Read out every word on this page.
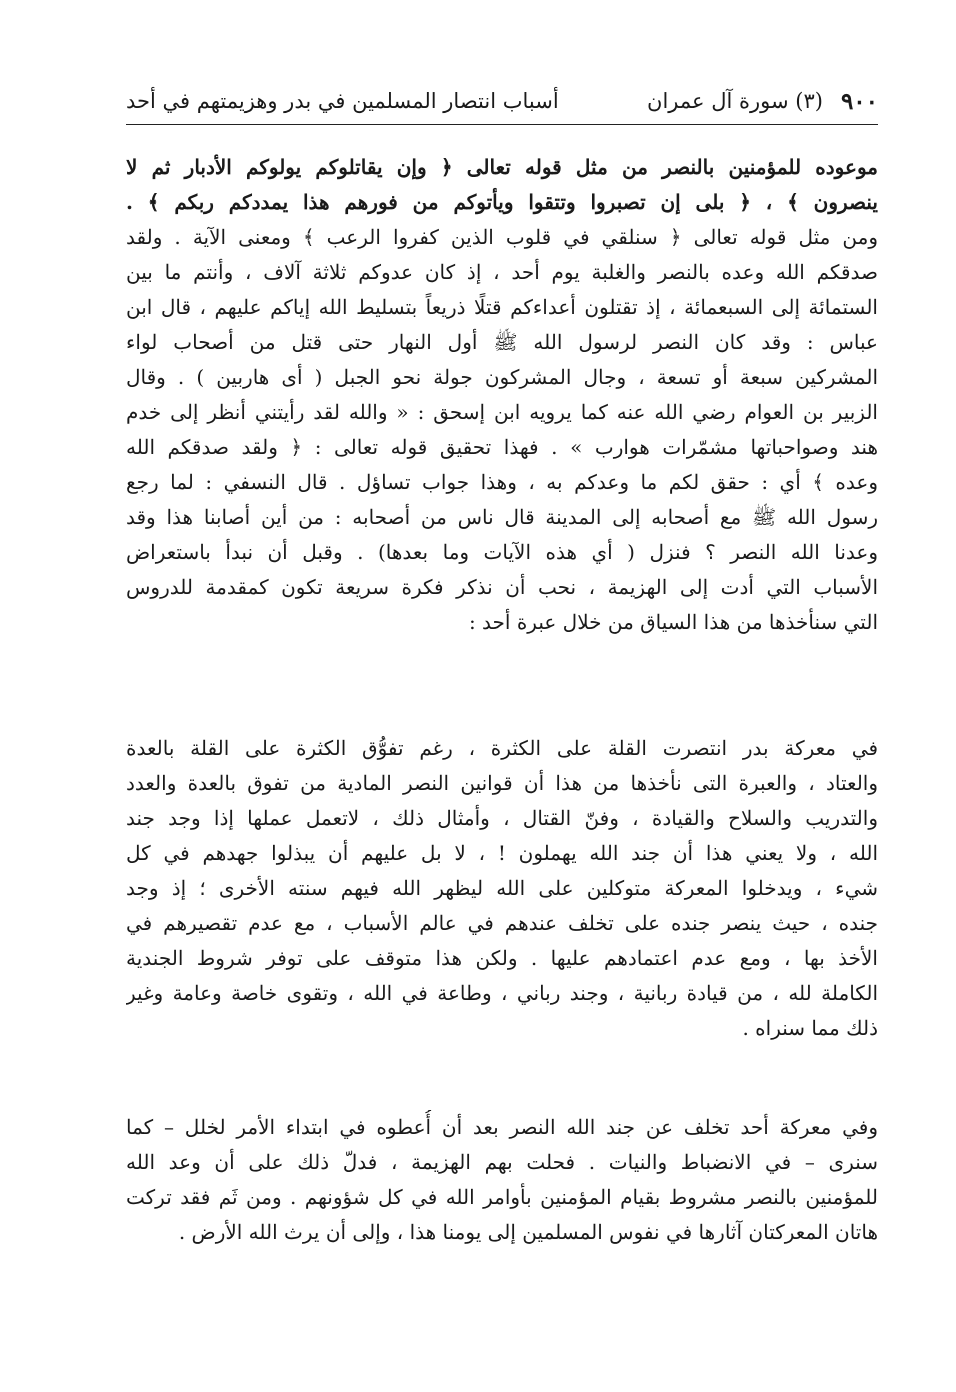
٩٠٠
(٣) سورة آل عمران
أسباب انتصار المسلمين في بدر وهزيمتهم في أحد
موعوده للمؤمنين بالنصر من مثل قوله تعالى ﴿ وإن يقاتلوكم يولوكم الأدبار ثم لا
ينصرون ﴾ ، ﴿ بلى إن تصبروا وتتقوا ويأتوكم من فورهم هذا يمددكم ربكم ﴾ .
ومن مثل قوله تعالى ﴿ سنلقي في قلوب الذين كفروا الرعب ﴾ ومعنى الآية . ولقد
صدقكم الله وعده بالنصر والغلبة يوم أحد ، إذ كان عدوكم ثلاثة آلاف ، وأنتم ما بين
الستمائة إلى السبعمائة ، إذ تقتلون أعداءكم قتلًا ذريعاً بتسليط الله إياكم عليهم ، قال ابن
عباس : وقد كان النصر لرسول الله ﷺ أول النهار حتى قتل من أصحاب لواء
المشركين سبعة أو تسعة ، وجال المشركون جولة نحو الجبل ( أى هاربين ) . وقال
الزبير بن العوام رضي الله عنه كما يرويه ابن إسحق : « والله لقد رأيتني أنظر إلى خدم
هند وصواحباتها مشمّرات هوارب » . فهذا تحقيق قوله تعالى : ﴿ ولقد صدقكم الله
وعده ﴾ أي : حقق لكم ما وعدكم به ، وهذا جواب تساؤل . قال النسفي : لما رجع
رسول الله ﷺ مع أصحابه إلى المدينة قال ناس من أصحابه : من أين أصابنا هذا وقد
وعدنا الله النصر ؟ فنزل ( أي هذه الآيات وما بعدها) . وقبل أن نبدأ باستعراض
الأسباب التي أدت إلى الهزيمة ، نحب أن نذكر فكرة سريعة تكون كمقدمة للدروس
التي سنأخذها من هذا السياق من خلال عبرة أحد :
في معركة بدر انتصرت القلة على الكثرة ، رغم تفوُّق الكثرة على القلة بالعدة
والعتاد ، والعبرة التى نأخذها من هذا أن قوانين النصر المادية من تفوق بالعدة والعدد
والتدريب والسلاح والقيادة ، وفنّ القتال ، وأمثال ذلك ، لاتعمل عملها إذا وجد جند
الله ، ولا يعني هذا أن جند الله يهملون ! ، لا بل عليهم أن يبذلوا جهدهم في كل
شيء ، ويدخلوا المعركة متوكلين على الله ليظهر الله فيهم سنته الأخرى ؛ إذ وجد
جنده ، حيث ينصر جنده على تخلف عندهم في عالم الأسباب ، مع عدم تقصيرهم في
الأخذ بها ، ومع عدم اعتمادهم عليها . ولكن هذا متوقف على توفر شروط الجندية
الكاملة لله ، من قيادة ربانية ، وجند رباني ، وطاعة في الله ، وتقوى خاصة وعامة وغير
ذلك مما سنراه .
وفي معركة أحد تخلف عن جند الله النصر بعد أن أُعطوه في ابتداء الأمر لخلل – كما
سنرى – في الانضباط والنيات . فحلت بهم الهزيمة ، فدلّ ذلك على أن وعد الله
للمؤمنين بالنصر مشروط بقيام المؤمنين بأوامر الله في كل شؤونهم . ومن ثَم فقد تركت
هاتان المعركتان آثارها في نفوس المسلمين إلى يومنا هذا ، وإلى أن يرث الله الأرض .
